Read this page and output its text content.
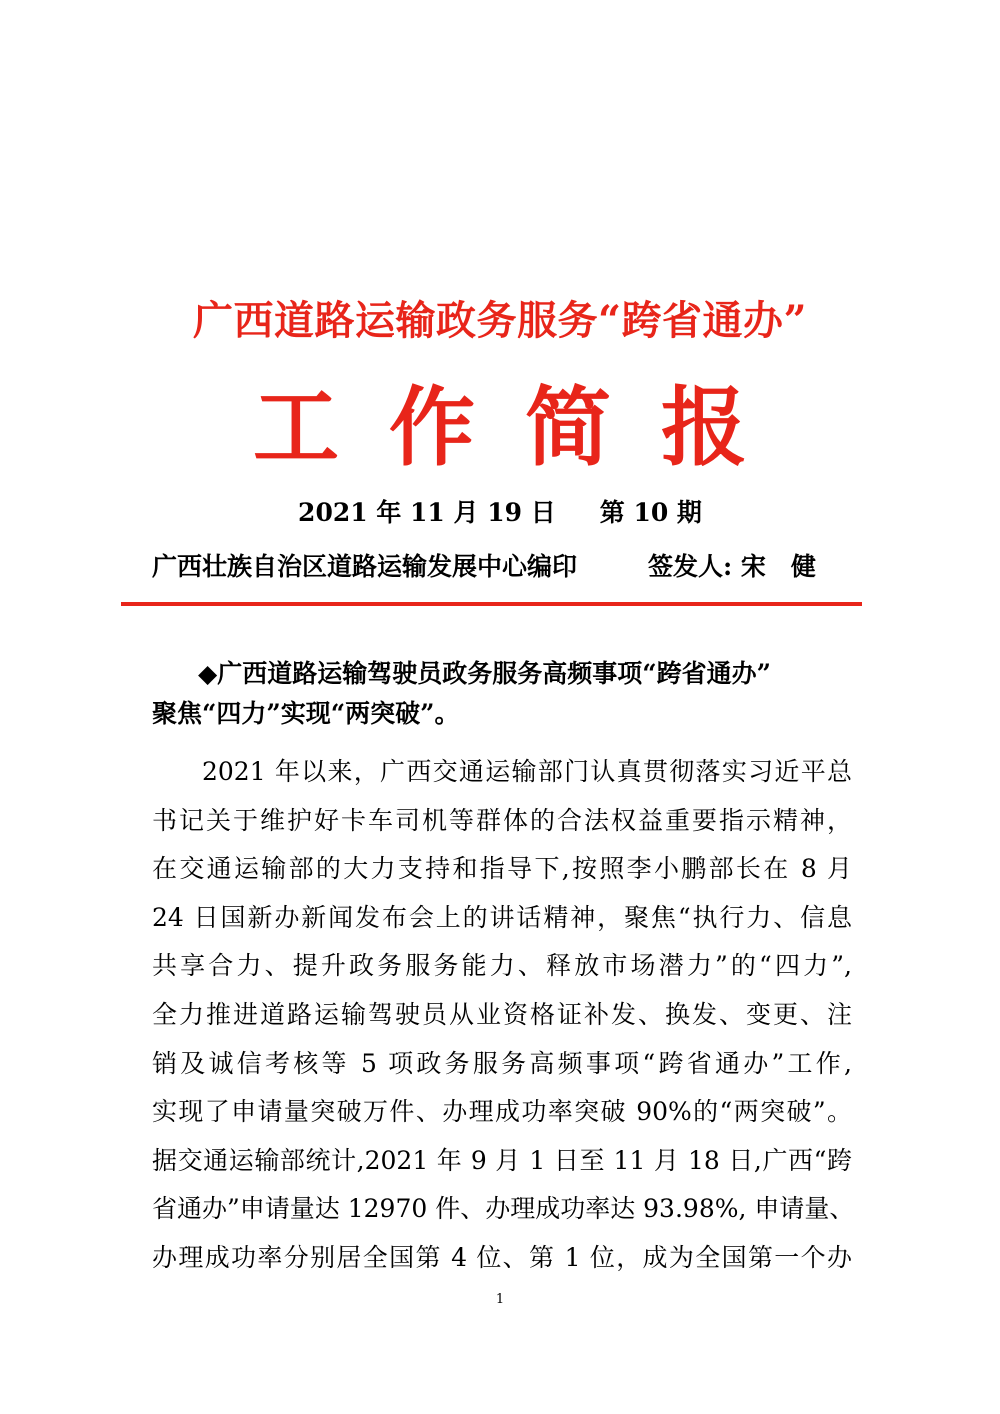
广西道路运输政务服务“跨省通办”
工作简报
2021 年 11 月 19 日 第 10 期
广西壮族自治区道路运输发展中心编印	签发人: 宋　健
◆广西道路运输驾驶员政务服务高频事项“跨省通办”
聚焦“四力”实现“两突破”。
2021 年以来，广西交通运输部门认真贯彻落实习近平总
书记关于维护好卡车司机等群体的合法权益重要指示精神，
在交通运输部的大力支持和指导下,按照李小鹏部长在 8 月
24 日国新办新闻发布会上的讲话精神，聚焦“执行力、信息
共享合力、提升政务服务能力、释放市场潜力”的“四力”,
全力推进道路运输驾驶员从业资格证补发、换发、变更、注
销及诚信考核等 5 项政务服务高频事项“跨省通办”工作,
实现了申请量突破万件、办理成功率突破 90%的“两突破”。
据交通运输部统计,2021 年 9 月 1 日至 11 月 18 日,广西“跨
省通办”申请量达 12970 件、办理成功率达 93.98%, 申请量、
办理成功率分别居全国第 4 位、第 1 位，成为全国第一个办
1
